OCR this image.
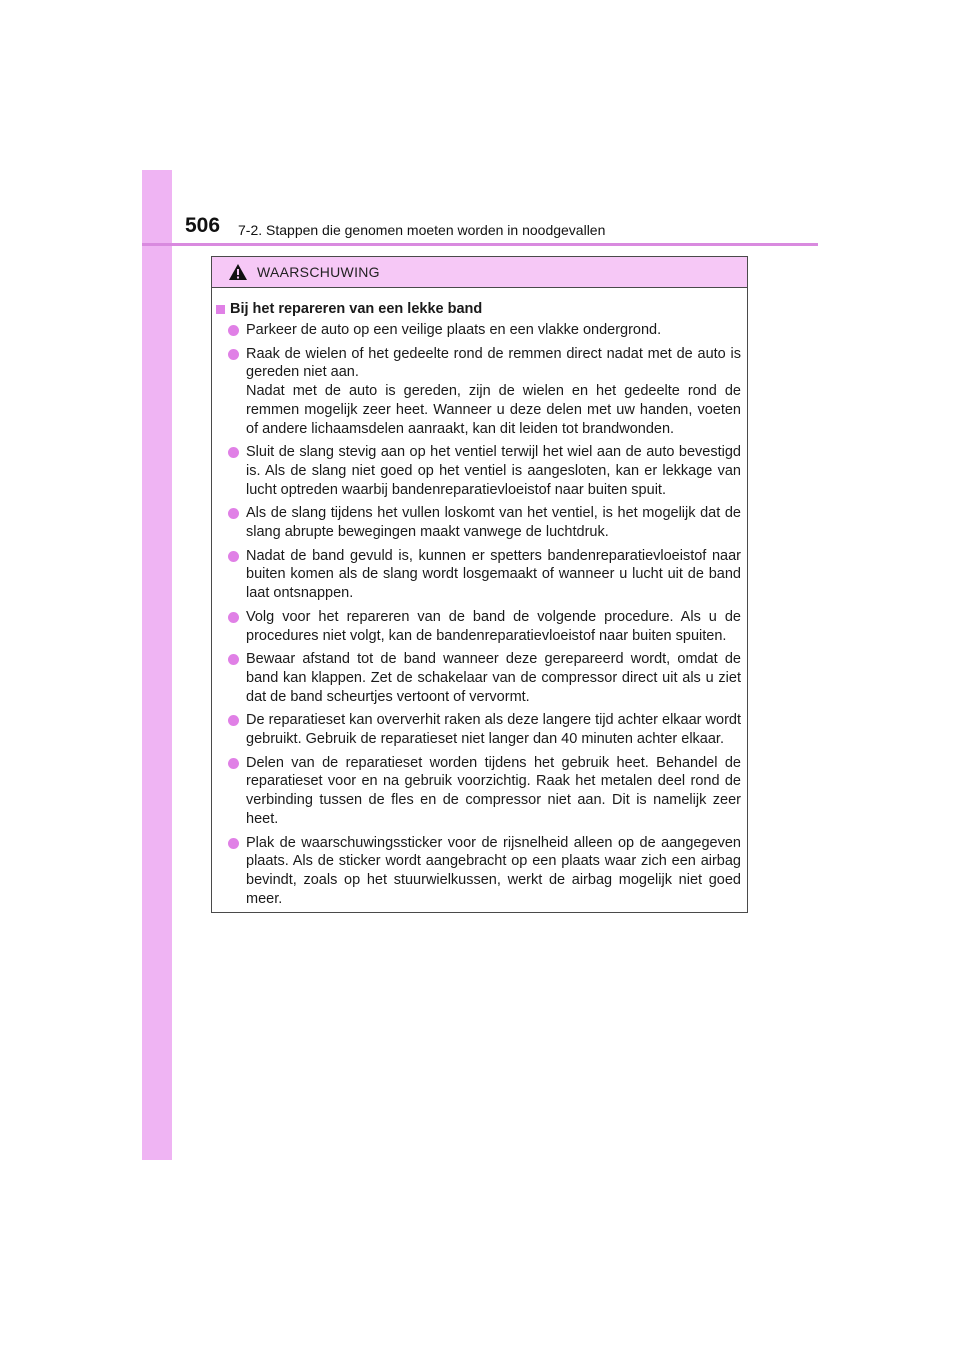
506 7-2. Stappen die genomen moeten worden in noodgevallen
WAARSCHUWING
Bij het repareren van een lekke band
Parkeer de auto op een veilige plaats en een vlakke ondergrond.
Raak de wielen of het gedeelte rond de remmen direct nadat met de auto is gereden niet aan.
Nadat met de auto is gereden, zijn de wielen en het gedeelte rond de remmen mogelijk zeer heet. Wanneer u deze delen met uw handen, voeten of andere lichaamsdelen aanraakt, kan dit leiden tot brandwonden.
Sluit de slang stevig aan op het ventiel terwijl het wiel aan de auto bevestigd is. Als de slang niet goed op het ventiel is aangesloten, kan er lekkage van lucht optreden waarbij bandenreparatievloeistof naar buiten spuit.
Als de slang tijdens het vullen loskomt van het ventiel, is het mogelijk dat de slang abrupte bewegingen maakt vanwege de luchtdruk.
Nadat de band gevuld is, kunnen er spetters bandenreparatievloeistof naar buiten komen als de slang wordt losgemaakt of wanneer u lucht uit de band laat ontsnappen.
Volg voor het repareren van de band de volgende procedure. Als u de procedures niet volgt, kan de bandenreparatievloeistof naar buiten spuiten.
Bewaar afstand tot de band wanneer deze gerepareerd wordt, omdat de band kan klappen. Zet de schakelaar van de compressor direct uit als u ziet dat de band scheurtjes vertoont of vervormt.
De reparatieset kan oververhit raken als deze langere tijd achter elkaar wordt gebruikt. Gebruik de reparatieset niet langer dan 40 minuten achter elkaar.
Delen van de reparatieset worden tijdens het gebruik heet. Behandel de reparatieset voor en na gebruik voorzichtig. Raak het metalen deel rond de verbinding tussen de fles en de compressor niet aan. Dit is namelijk zeer heet.
Plak de waarschuwingssticker voor de rijsnelheid alleen op de aangegeven plaats. Als de sticker wordt aangebracht op een plaats waar zich een airbag bevindt, zoals op het stuurwielkussen, werkt de airbag mogelijk niet goed meer.
